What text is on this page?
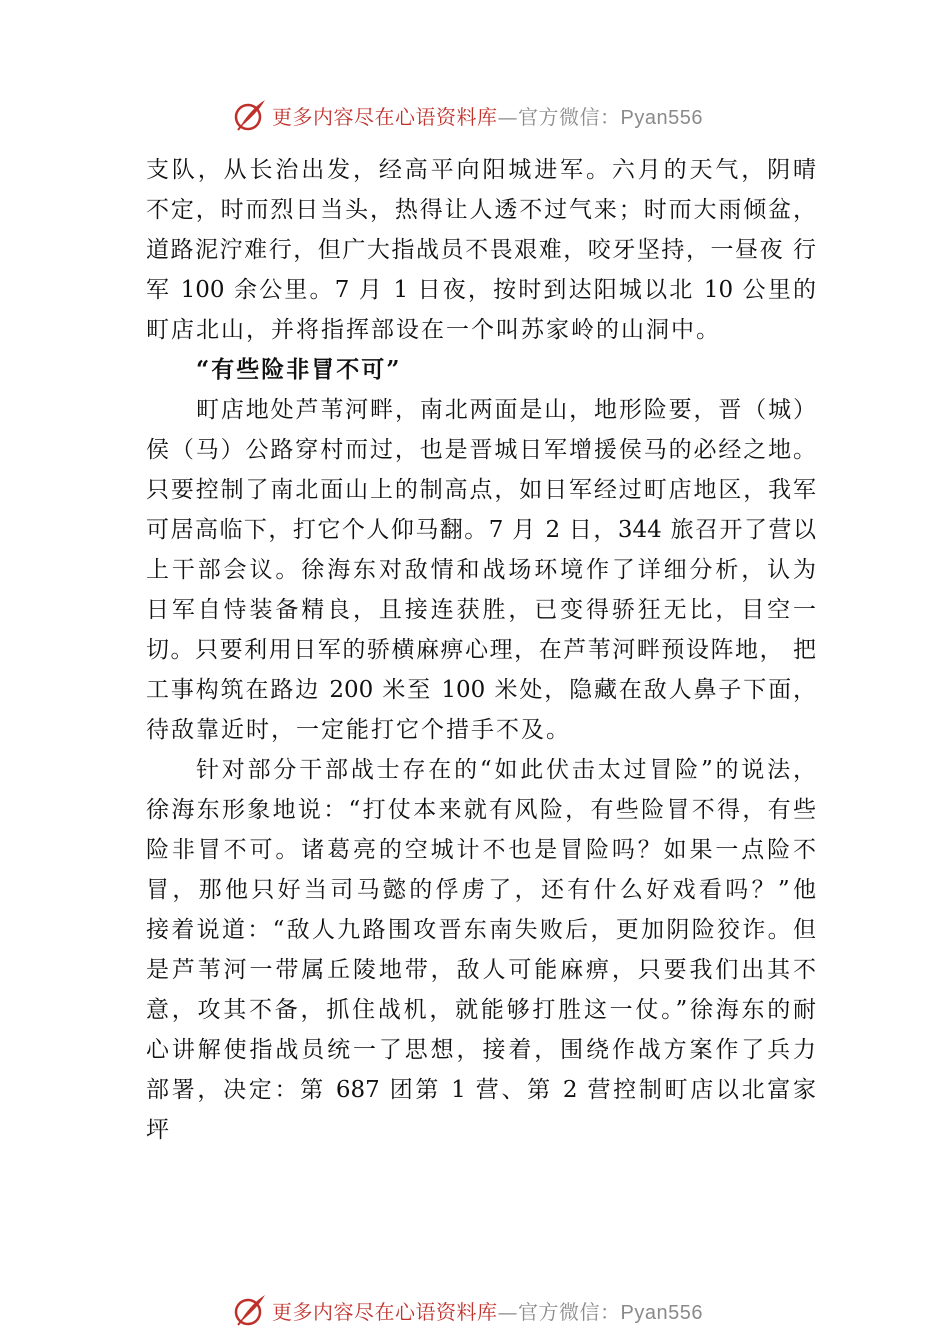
更多内容尽在心语资料库—官方微信：Pyan556
支队，从长治出发，经高平向阳城进军。六月的天气，阴晴
不定，时而烈日当头，热得让人透不过气来；时而大雨倾盆，
道路泥泞难行，但广大指战员不畏艰难，咬牙坚持，一昼夜 行
军 100 余公里。7 月 1 日夜，按时到达阳城以北 10 公里的
町店北山，并将指挥部设在一个叫苏家岭的山洞中。
“有些险非冒不可”
町店地处芦苇河畔，南北两面是山，地形险要，晋（城）
侯（马）公路穿村而过，也是晋城日军增援侯马的必经之地。
只要控制了南北面山上的制高点，如日军经过町店地区，我军
可居高临下，打它个人仰马翻。7 月 2 日，344 旅召开了营以
上干部会议。徐海东对敌情和战场环境作了详细分析，认为
日军自恃装备精良，且接连获胜，已变得骄狂无比，目空一
切。只要利用日军的骄横麻痹心理，在芦苇河畔预设阵地， 把
工事构筑在路边 200 米至 100 米处，隐藏在敌人鼻子下面，
待敌靠近时，一定能打它个措手不及。
针对部分干部战士存在的“如此伏击太过冒险”的说法，
徐海东形象地说：“打仗本来就有风险，有些险冒不得，有些
险非冒不可。诸葛亮的空城计不也是冒险吗？如果一点险不
冒，那他只好当司马懿的俘虏了，还有什么好戏看吗？”他
接着说道：“敌人九路围攻晋东南失败后，更加阴险狡诈。但
是芦苇河一带属丘陵地带，敌人可能麻痹，只要我们出其不
意，攻其不备，抓住战机，就能够打胜这一仗。”徐海东的耐
心讲解使指战员统一了思想，接着，围绕作战方案作了兵力
部署，决定：第 687 团第 1 营、第 2 营控制町店以北富家
坪
更多内容尽在心语资料库—官方微信：Pyan556
